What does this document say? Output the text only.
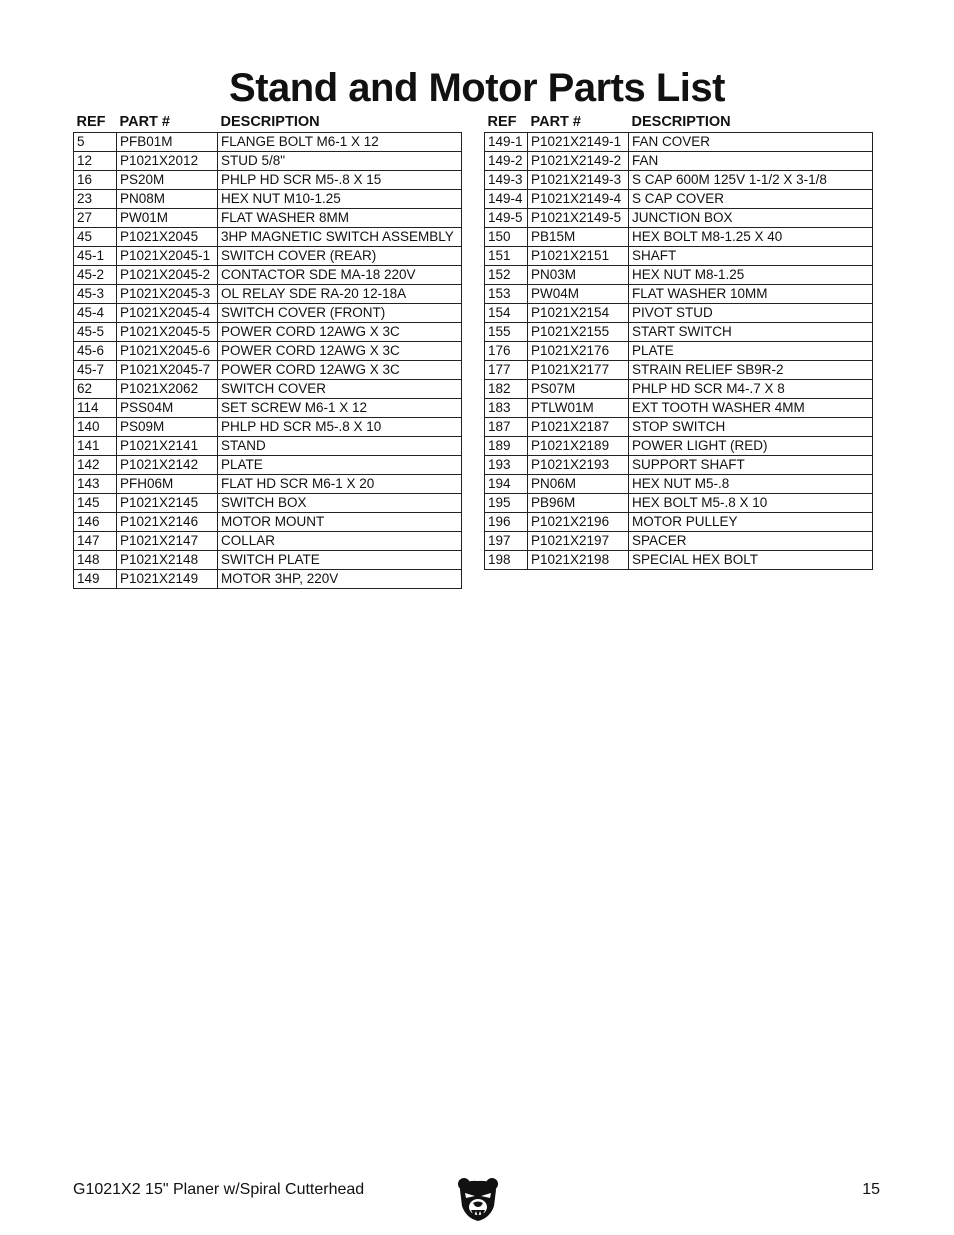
Stand and Motor Parts List
REF	PART #	DESCRIPTION
5	PFB01M	FLANGE BOLT M6-1 X 12
12	P1021X2012	STUD 5/8"
16	PS20M	PHLP HD SCR M5-.8 X 15
23	PN08M	HEX NUT M10-1.25
27	PW01M	FLAT WASHER 8MM
45	P1021X2045	3HP MAGNETIC SWITCH ASSEMBLY
45-1	P1021X2045-1	SWITCH COVER (REAR)
45-2	P1021X2045-2	CONTACTOR SDE MA-18 220V
45-3	P1021X2045-3	OL RELAY SDE RA-20 12-18A
45-4	P1021X2045-4	SWITCH COVER (FRONT)
45-5	P1021X2045-5	POWER CORD 12AWG X 3C
45-6	P1021X2045-6	POWER CORD 12AWG X 3C
45-7	P1021X2045-7	POWER CORD 12AWG X 3C
62	P1021X2062	SWITCH COVER
114	PSS04M	SET SCREW M6-1 X 12
140	PS09M	PHLP HD SCR M5-.8 X 10
141	P1021X2141	STAND
142	P1021X2142	PLATE
143	PFH06M	FLAT HD SCR M6-1 X 20
145	P1021X2145	SWITCH BOX
146	P1021X2146	MOTOR MOUNT
147	P1021X2147	COLLAR
148	P1021X2148	SWITCH PLATE
149	P1021X2149	MOTOR 3HP, 220V
REF	PART #	DESCRIPTION
149-1	P1021X2149-1	FAN COVER
149-2	P1021X2149-2	FAN
149-3	P1021X2149-3	S CAP 600M 125V 1-1/2 X 3-1/8
149-4	P1021X2149-4	S CAP COVER
149-5	P1021X2149-5	JUNCTION BOX
150	PB15M	HEX BOLT M8-1.25 X 40
151	P1021X2151	SHAFT
152	PN03M	HEX NUT M8-1.25
153	PW04M	FLAT WASHER 10MM
154	P1021X2154	PIVOT STUD
155	P1021X2155	START SWITCH
176	P1021X2176	PLATE
177	P1021X2177	STRAIN RELIEF SB9R-2
182	PS07M	PHLP HD SCR M4-.7 X 8
183	PTLW01M	EXT TOOTH WASHER 4MM
187	P1021X2187	STOP SWITCH
189	P1021X2189	POWER LIGHT (RED)
193	P1021X2193	SUPPORT SHAFT
194	PN06M	HEX NUT M5-.8
195	PB96M	HEX BOLT M5-.8 X 10
196	P1021X2196	MOTOR PULLEY
197	P1021X2197	SPACER
198	P1021X2198	SPECIAL HEX BOLT
G1021X2 15" Planer w/Spiral Cutterhead	15
